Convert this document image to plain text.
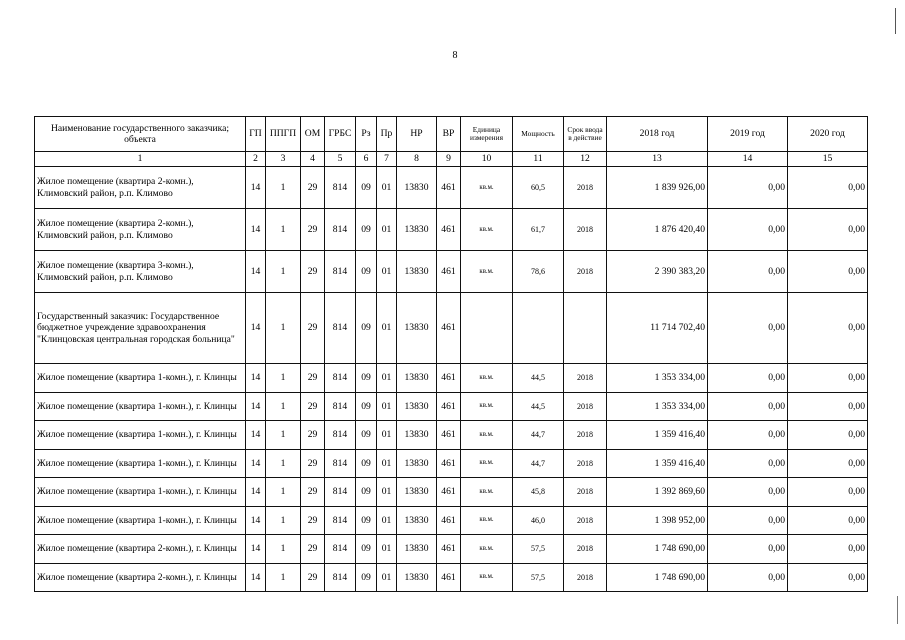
8
Наименование государственного заказчика; объекта	ГП	ППГП	ОМ	ГРБС	Рз	Пр	НР	ВР	Единица измерения	Мощность	Срок ввода в действие	2018 год	2019 год	2020 год
1	2	3	4	5	6	7	8	9	10	11	12	13	14	15
Жилое помещение (квартира 2-комн.), Климовский район, р.п. Климово	14	1	29	814	09	01	13830	461	кв.м.	60,5	2018	1 839 926,00	0,00	0,00
Жилое помещение (квартира 2-комн.), Климовский район, р.п. Климово	14	1	29	814	09	01	13830	461	кв.м.	61,7	2018	1 876 420,40	0,00	0,00
Жилое помещение (квартира 3-комн.), Климовский район, р.п. Климово	14	1	29	814	09	01	13830	461	кв.м.	78,6	2018	2 390 383,20	0,00	0,00
Государственный заказчик: Государственное бюджетное учреждение здравоохранения "Клинцовская центральная городская больница"	14	1	29	814	09	01	13830	461				11 714 702,40	0,00	0,00
Жилое помещение (квартира 1-комн.), г. Клинцы	14	1	29	814	09	01	13830	461	кв.м.	44,5	2018	1 353 334,00	0,00	0,00
Жилое помещение (квартира 1-комн.), г. Клинцы	14	1	29	814	09	01	13830	461	кв.м.	44,5	2018	1 353 334,00	0,00	0,00
Жилое помещение (квартира 1-комн.), г. Клинцы	14	1	29	814	09	01	13830	461	кв.м.	44,7	2018	1 359 416,40	0,00	0,00
Жилое помещение (квартира 1-комн.), г. Клинцы	14	1	29	814	09	01	13830	461	кв.м.	44,7	2018	1 359 416,40	0,00	0,00
Жилое помещение (квартира 1-комн.), г. Клинцы	14	1	29	814	09	01	13830	461	кв.м.	45,8	2018	1 392 869,60	0,00	0,00
Жилое помещение (квартира 1-комн.), г. Клинцы	14	1	29	814	09	01	13830	461	кв.м.	46,0	2018	1 398 952,00	0,00	0,00
Жилое помещение (квартира 2-комн.), г. Клинцы	14	1	29	814	09	01	13830	461	кв.м.	57,5	2018	1 748 690,00	0,00	0,00
Жилое помещение (квартира 2-комн.), г. Клинцы	14	1	29	814	09	01	13830	461	кв.м.	57,5	2018	1 748 690,00	0,00	0,00
